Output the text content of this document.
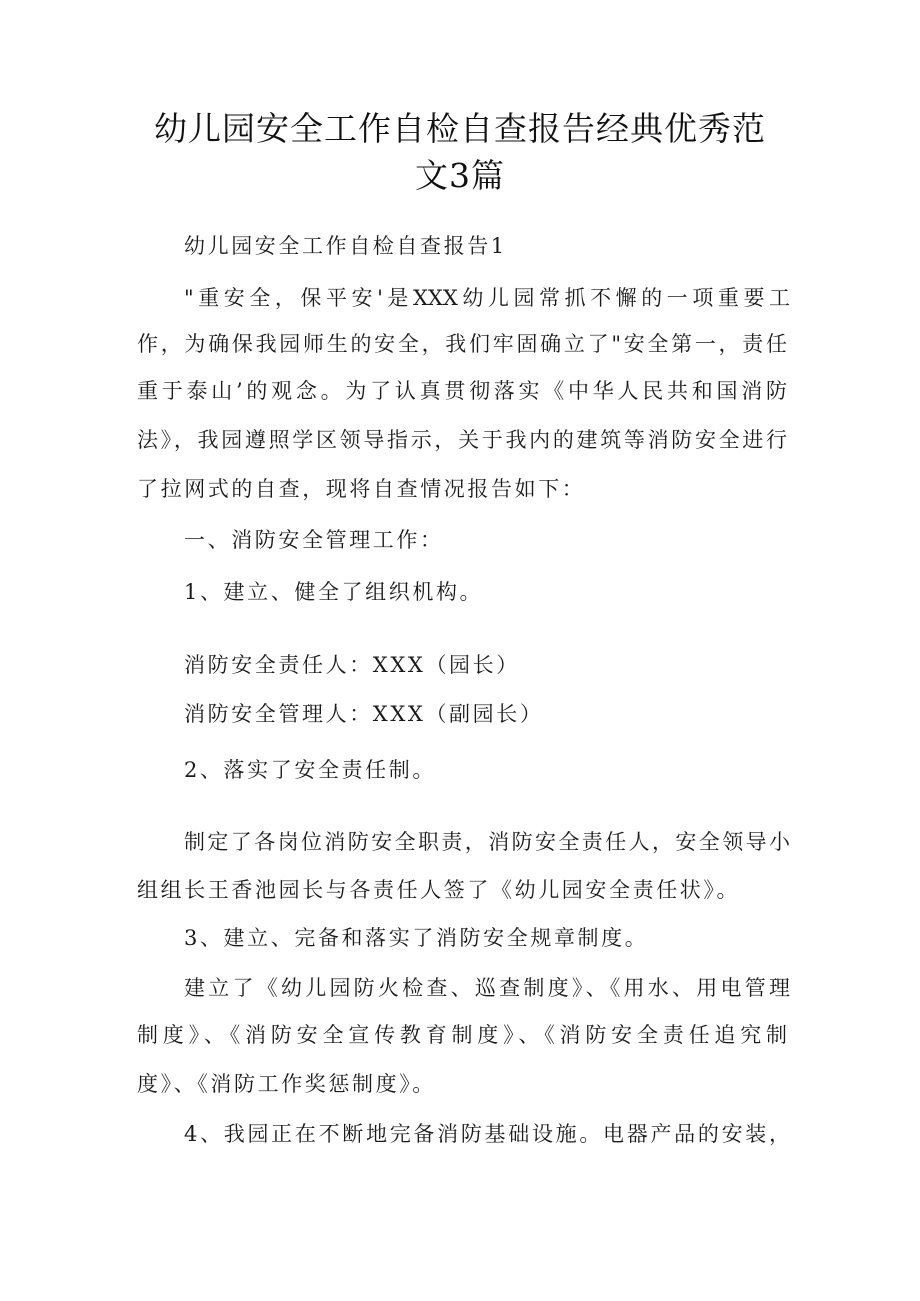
幼儿园安全工作自检自查报告经典优秀范
文3篇

幼儿园安全工作自检自查报告1

"重安全，保平安'是XXX幼儿园常抓不懈的一项重要工

作，为确保我园师生的安全，我们牢固确立了"安全第一，责任

重于泰山’的观念。为了认真贯彻落实《中华人民共和国消防

法》，我园遵照学区领导指示，关于我内的建筑等消防安全进行

了拉网式的自查，现将自查情况报告如下：

一、消防安全管理工作：

1、建立、健全了组织机构。

消防安全责任人：XXX（园长）

消防安全管理人：XXX（副园长）

2、落实了安全责任制。

制定了各岗位消防安全职责，消防安全责任人，安全领导小

组组长王香池园长与各责任人签了《幼儿园安全责任状》。

3、建立、完备和落实了消防安全规章制度。

建立了《幼儿园防火检查、巡查制度》、《用水、用电管理

制度》、《消防安全宣传教育制度》、《消防安全责任追究制

度》、《消防工作奖惩制度》。

4、我园正在不断地完备消防基础设施。电器产品的安装，
